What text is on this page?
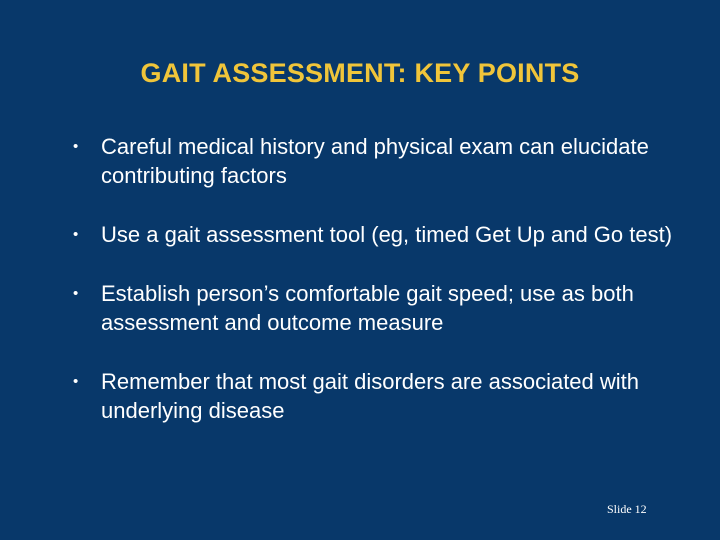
GAIT ASSESSMENT: KEY POINTS
• Careful medical history and physical exam can elucidate contributing factors
• Use a gait assessment tool (eg, timed Get Up and Go test)
• Establish person’s comfortable gait speed; use as both assessment and outcome measure
• Remember that most gait disorders are associated with underlying disease
Slide 12
